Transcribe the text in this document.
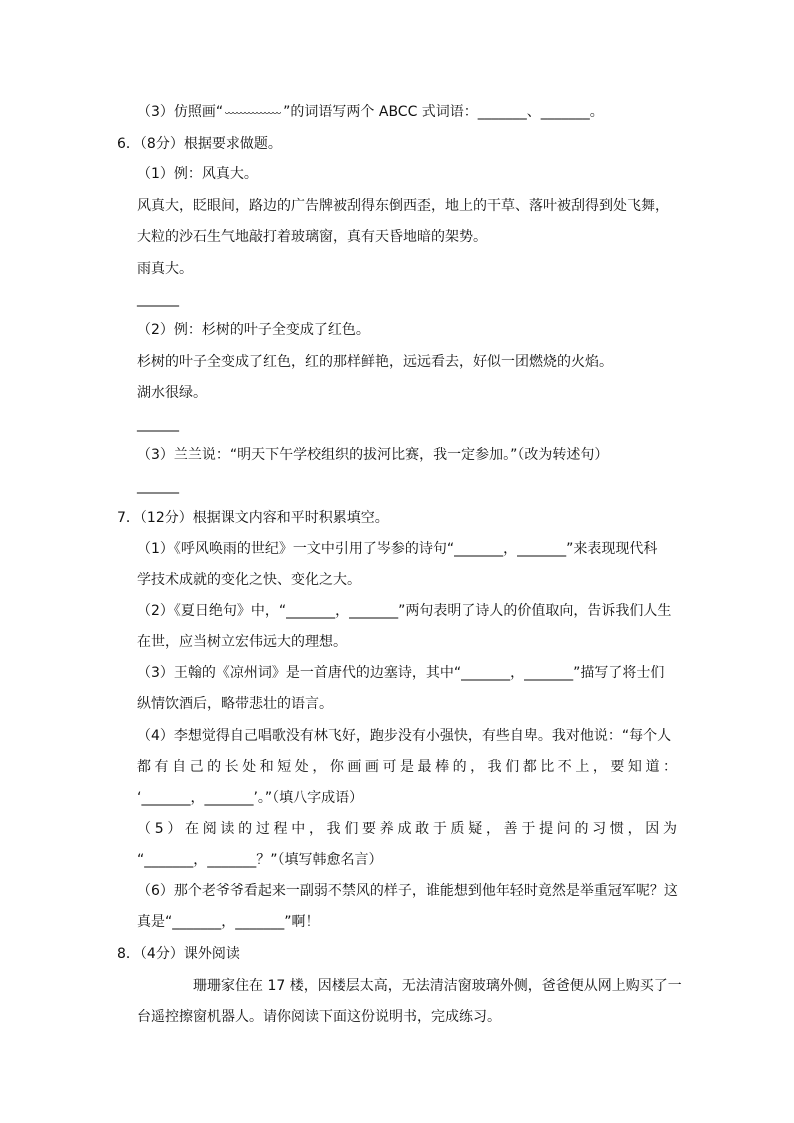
（3）仿照画“	”的词语写两个 ABCC 式词语：_______、_______。
6．（8分）根据要求做题。
（1）例：风真大。
风真大，眨眼间，路边的广告牌被刮得东倒西歪，地上的干草、落叶被刮得到处飞舞，
大粒的沙石生气地敲打着玻璃窗，真有天昏地暗的架势。
雨真大。
______
（2）例：杉树的叶子全变成了红色。
杉树的叶子全变成了红色，红的那样鲜艳，远远看去，好似一团燃烧的火焰。
湖水很绿。
______
（3）兰兰说：“明天下午学校组织的拔河比赛，我一定参加。”（改为转述句）
______
7．（12分）根据课文内容和平时积累填空。
（1）《呼风唤雨的世纪》一文中引用了岑参的诗句“_______，_______”来表现现代科
学技术成就的变化之快、变化之大。
（2）《夏日绝句》中，“_______，_______”两句表明了诗人的价值取向，告诉我们人生
在世，应当树立宏伟远大的理想。
（3）王翰的《凉州词》是一首唐代的边塞诗，其中“_______，_______”描写了将士们
纵情饮酒后，略带悲壮的语言。
（4）李想觉得自己唱歌没有林飞好，跑步没有小强快，有些自卑。我对他说：“每个人
都有自己的长处和短处，你画画可是最棒的，我们都比不上，要知道：
‘_______，_______’。”（填八字成语）
（5）在阅读的过程中，我们要养成敢于质疑，善于提问的习惯，因为
“_______，_______？”（填写韩愈名言）
（6）那个老爷爷看起来一副弱不禁风的样子，谁能想到他年轻时竟然是举重冠军呢？这
真是“_______，_______”啊！
8．（4分）课外阅读
珊珊家住在 17 楼，因楼层太高，无法清洁窗玻璃外侧，爸爸便从网上购买了一
台遥控擦窗机器人。请你阅读下面这份说明书，完成练习。
